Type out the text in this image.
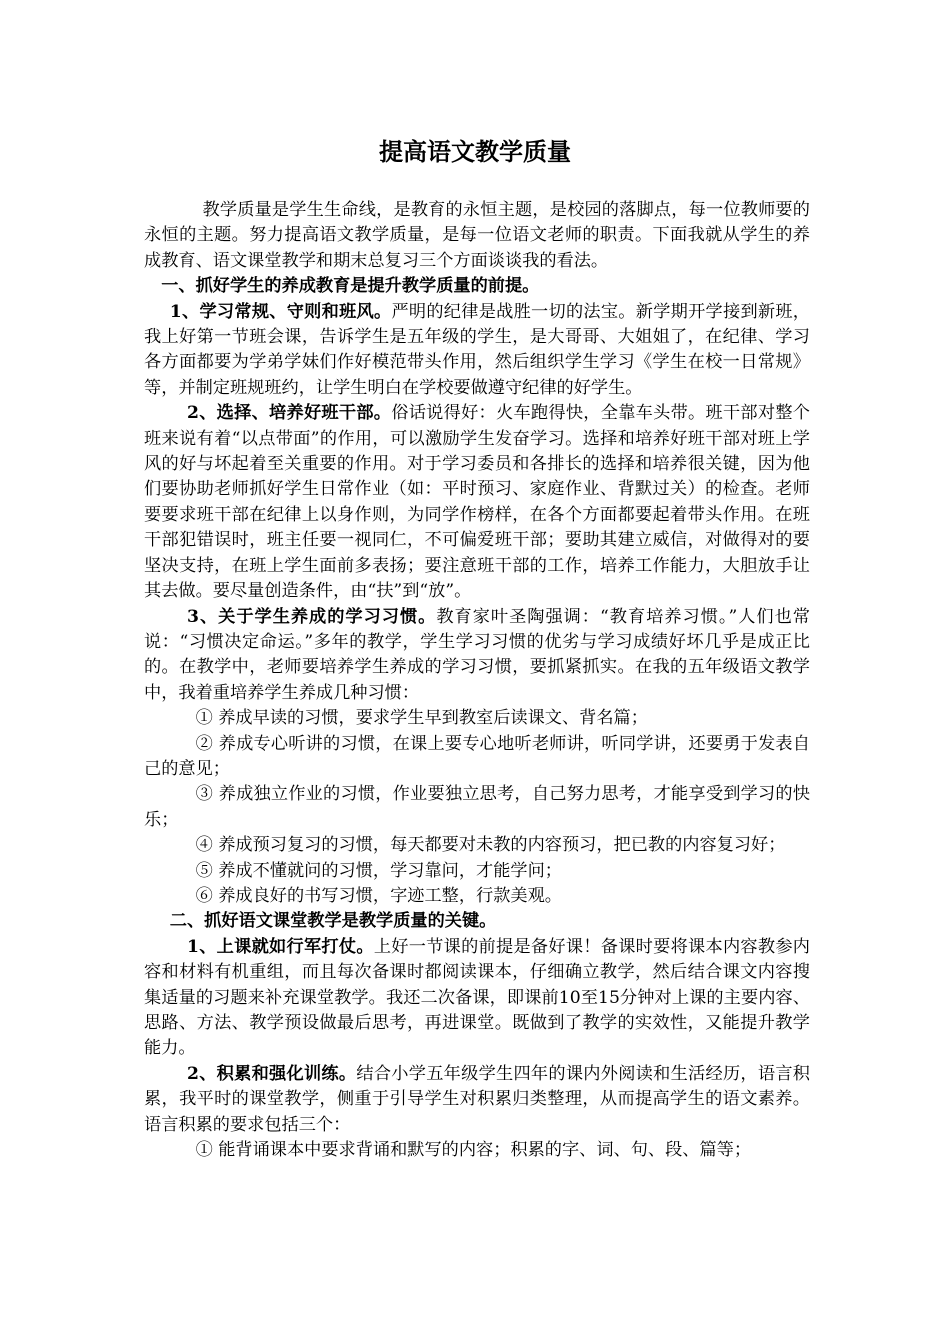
提高语文教学质量

教学质量是学生生命线，是教育的永恒主题，是校园的落脚点，每一位教师要的永恒的主题。努力提高语文教学质量，是每一位语文老师的职责。下面我就从学生的养成教育、语文课堂教学和期末总复习三个方面谈谈我的看法。

一、抓好学生的养成教育是提升教学质量的前提。

1、学习常规、守则和班风。严明的纪律是战胜一切的法宝。新学期开学接到新班，我上好第一节班会课，告诉学生是五年级的学生，是大哥哥、大姐姐了，在纪律、学习各方面都要为学弟学妹们作好模范带头作用，然后组织学生学习《学生在校一日常规》等，并制定班规班约，让学生明白在学校要做遵守纪律的好学生。

2、选择、培养好班干部。俗话说得好：火车跑得快，全靠车头带。班干部对整个班来说有着“以点带面”的作用，可以激励学生发奋学习。选择和培养好班干部对班上学风的好与坏起着至关重要的作用。对于学习委员和各排长的选择和培养很关键，因为他们要协助老师抓好学生日常作业（如：平时预习、家庭作业、背默过关）的检查。老师要要求班干部在纪律上以身作则，为同学作榜样，在各个方面都要起着带头作用。在班干部犯错误时，班主任要一视同仁，不可偏爱班干部；要助其建立威信，对做得对的要坚决支持，在班上学生面前多表扬；要注意班干部的工作，培养工作能力，大胆放手让其去做。要尽量创造条件，由“扶”到“放”。

3、关于学生养成的学习习惯。教育家叶圣陶强调：“教育培养习惯。”人们也常说：“习惯决定命运。”多年的教学，学生学习习惯的优劣与学习成绩好坏几乎是成正比的。在教学中，老师要培养学生养成的学习习惯，要抓紧抓实。在我的五年级语文教学中，我着重培养学生养成几种习惯：

① 养成早读的习惯，要求学生早到教室后读课文、背名篇；

② 养成专心听讲的习惯，在课上要专心地听老师讲，听同学讲，还要勇于发表自己的意见；

③ 养成独立作业的习惯，作业要独立思考，自己努力思考，才能享受到学习的快乐；

④ 养成预习复习的习惯，每天都要对未教的内容预习，把已教的内容复习好；

⑤ 养成不懂就问的习惯，学习靠问，才能学问；

⑥ 养成良好的书写习惯，字迹工整，行款美观。

二、抓好语文课堂教学是教学质量的关键。

1、上课就如行军打仗。上好一节课的前提是备好课！备课时要将课本内容教参内容和材料有机重组，而且每次备课时都阅读课本，仔细确立教学，然后结合课文内容搜集适量的习题来补充课堂教学。我还二次备课，即课前10至15分钟对上课的主要内容、思路、方法、教学预设做最后思考，再进课堂。既做到了教学的实效性，又能提升教学能力。

2、积累和强化训练。结合小学五年级学生四年的课内外阅读和生活经历，语言积累，我平时的课堂教学，侧重于引导学生对积累归类整理，从而提高学生的语文素养。语言积累的要求包括三个：

① 能背诵课本中要求背诵和默写的内容；积累的字、词、句、段、篇等；
